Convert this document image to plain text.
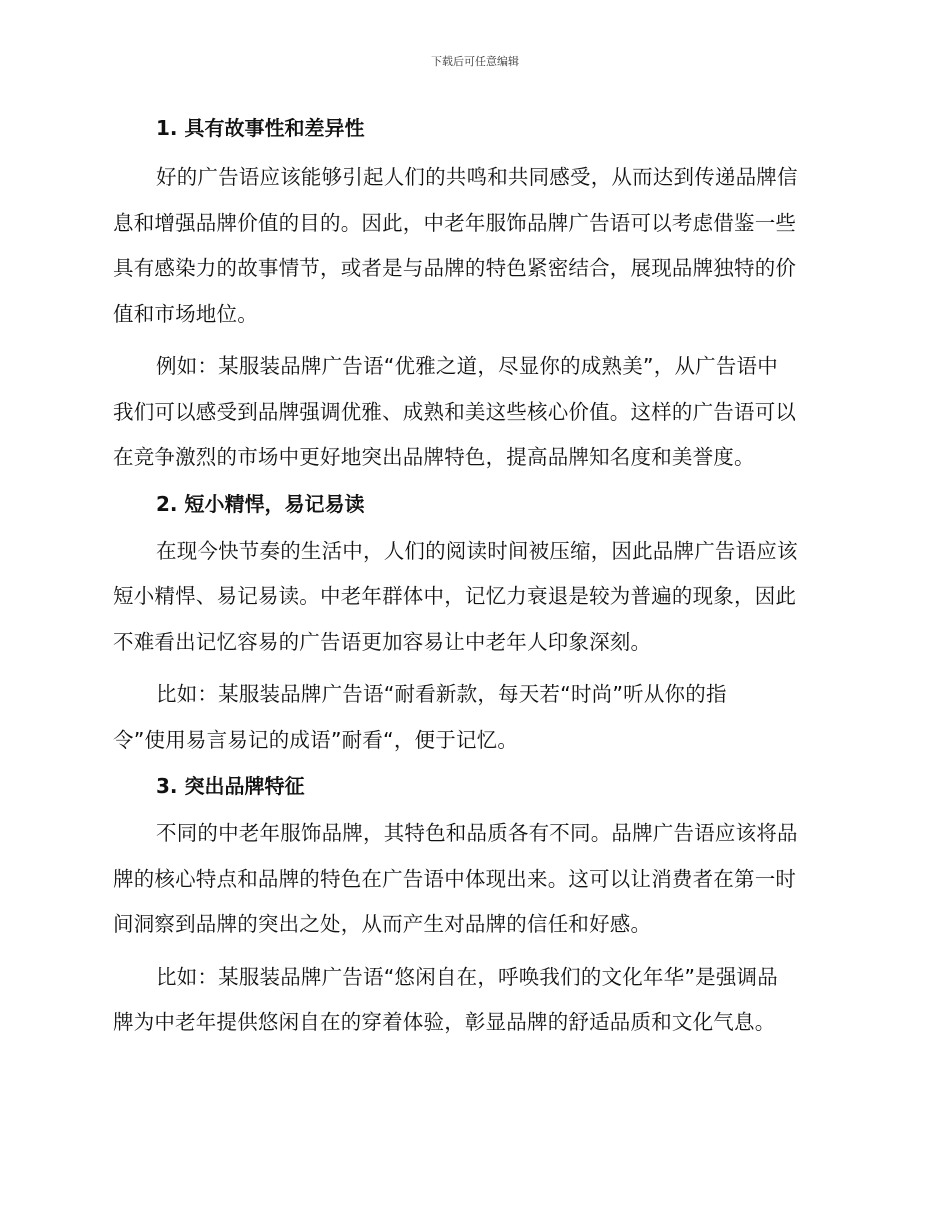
下载后可任意编辑
1. 具有故事性和差异性

好的广告语应该能够引起人们的共鸣和共同感受，从而达到传递品牌信
息和增强品牌价值的目的。因此，中老年服饰品牌广告语可以考虑借鉴一些
具有感染力的故事情节，或者是与品牌的特色紧密结合，展现品牌独特的价
值和市场地位。

例如：某服装品牌广告语“优雅之道，尽显你的成熟美”，从广告语中
我们可以感受到品牌强调优雅、成熟和美这些核心价值。这样的广告语可以
在竞争激烈的市场中更好地突出品牌特色，提高品牌知名度和美誉度。

2. 短小精悍，易记易读

在现今快节奏的生活中，人们的阅读时间被压缩，因此品牌广告语应该
短小精悍、易记易读。中老年群体中，记忆力衰退是较为普遍的现象，因此
不难看出记忆容易的广告语更加容易让中老年人印象深刻。

比如：某服装品牌广告语“耐看新款，每天若“时尚”听从你的指
令”使用易言易记的成语”耐看“，便于记忆。

3. 突出品牌特征

不同的中老年服饰品牌，其特色和品质各有不同。品牌广告语应该将品
牌的核心特点和品牌的特色在广告语中体现出来。这可以让消费者在第一时
间洞察到品牌的突出之处，从而产生对品牌的信任和好感。

比如：某服装品牌广告语“悠闲自在，呼唤我们的文化年华”是强调品
牌为中老年提供悠闲自在的穿着体验，彰显品牌的舒适品质和文化气息。
